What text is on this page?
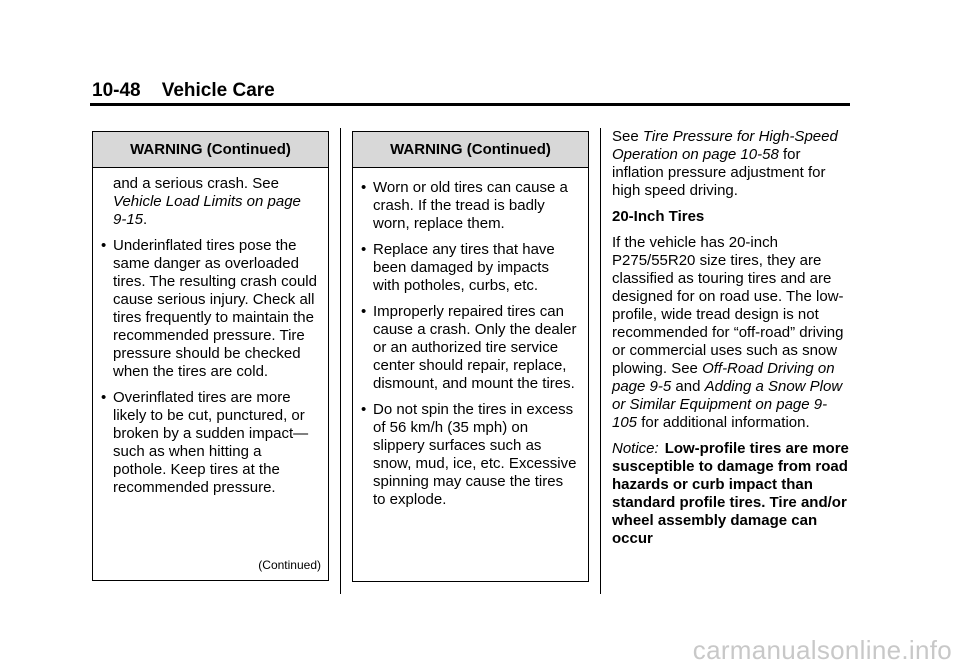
10-48 Vehicle Care
WARNING (Continued)

and a serious crash. See Vehicle Load Limits on page 9-15.

• Underinflated tires pose the same danger as overloaded tires. The resulting crash could cause serious injury. Check all tires frequently to maintain the recommended pressure. Tire pressure should be checked when the tires are cold.
• Overinflated tires are more likely to be cut, punctured, or broken by a sudden impact— such as when hitting a pothole. Keep tires at the recommended pressure.
(Continued)
WARNING (Continued)
• Worn or old tires can cause a crash. If the tread is badly worn, replace them.
• Replace any tires that have been damaged by impacts with potholes, curbs, etc.
• Improperly repaired tires can cause a crash. Only the dealer or an authorized tire service center should repair, replace, dismount, and mount the tires.
• Do not spin the tires in excess of 56 km/h (35 mph) on slippery surfaces such as snow, mud, ice, etc. Excessive spinning may cause the tires to explode.

See Tire Pressure for High-Speed Operation on page 10-58 for inflation pressure adjustment for high speed driving.

20-Inch Tires

If the vehicle has 20-inch P275/55R20 size tires, they are classified as touring tires and are designed for on road use. The low-profile, wide tread design is not recommended for “off-road” driving or commercial uses such as snow plowing. See Off-Road Driving on page 9-5 and Adding a Snow Plow or Similar Equipment on page 9-105 for additional information.

Notice: Low-profile tires are more susceptible to damage from road hazards or curb impact than standard profile tires. Tire and/or wheel assembly damage can occur

carmanualsonline.info
